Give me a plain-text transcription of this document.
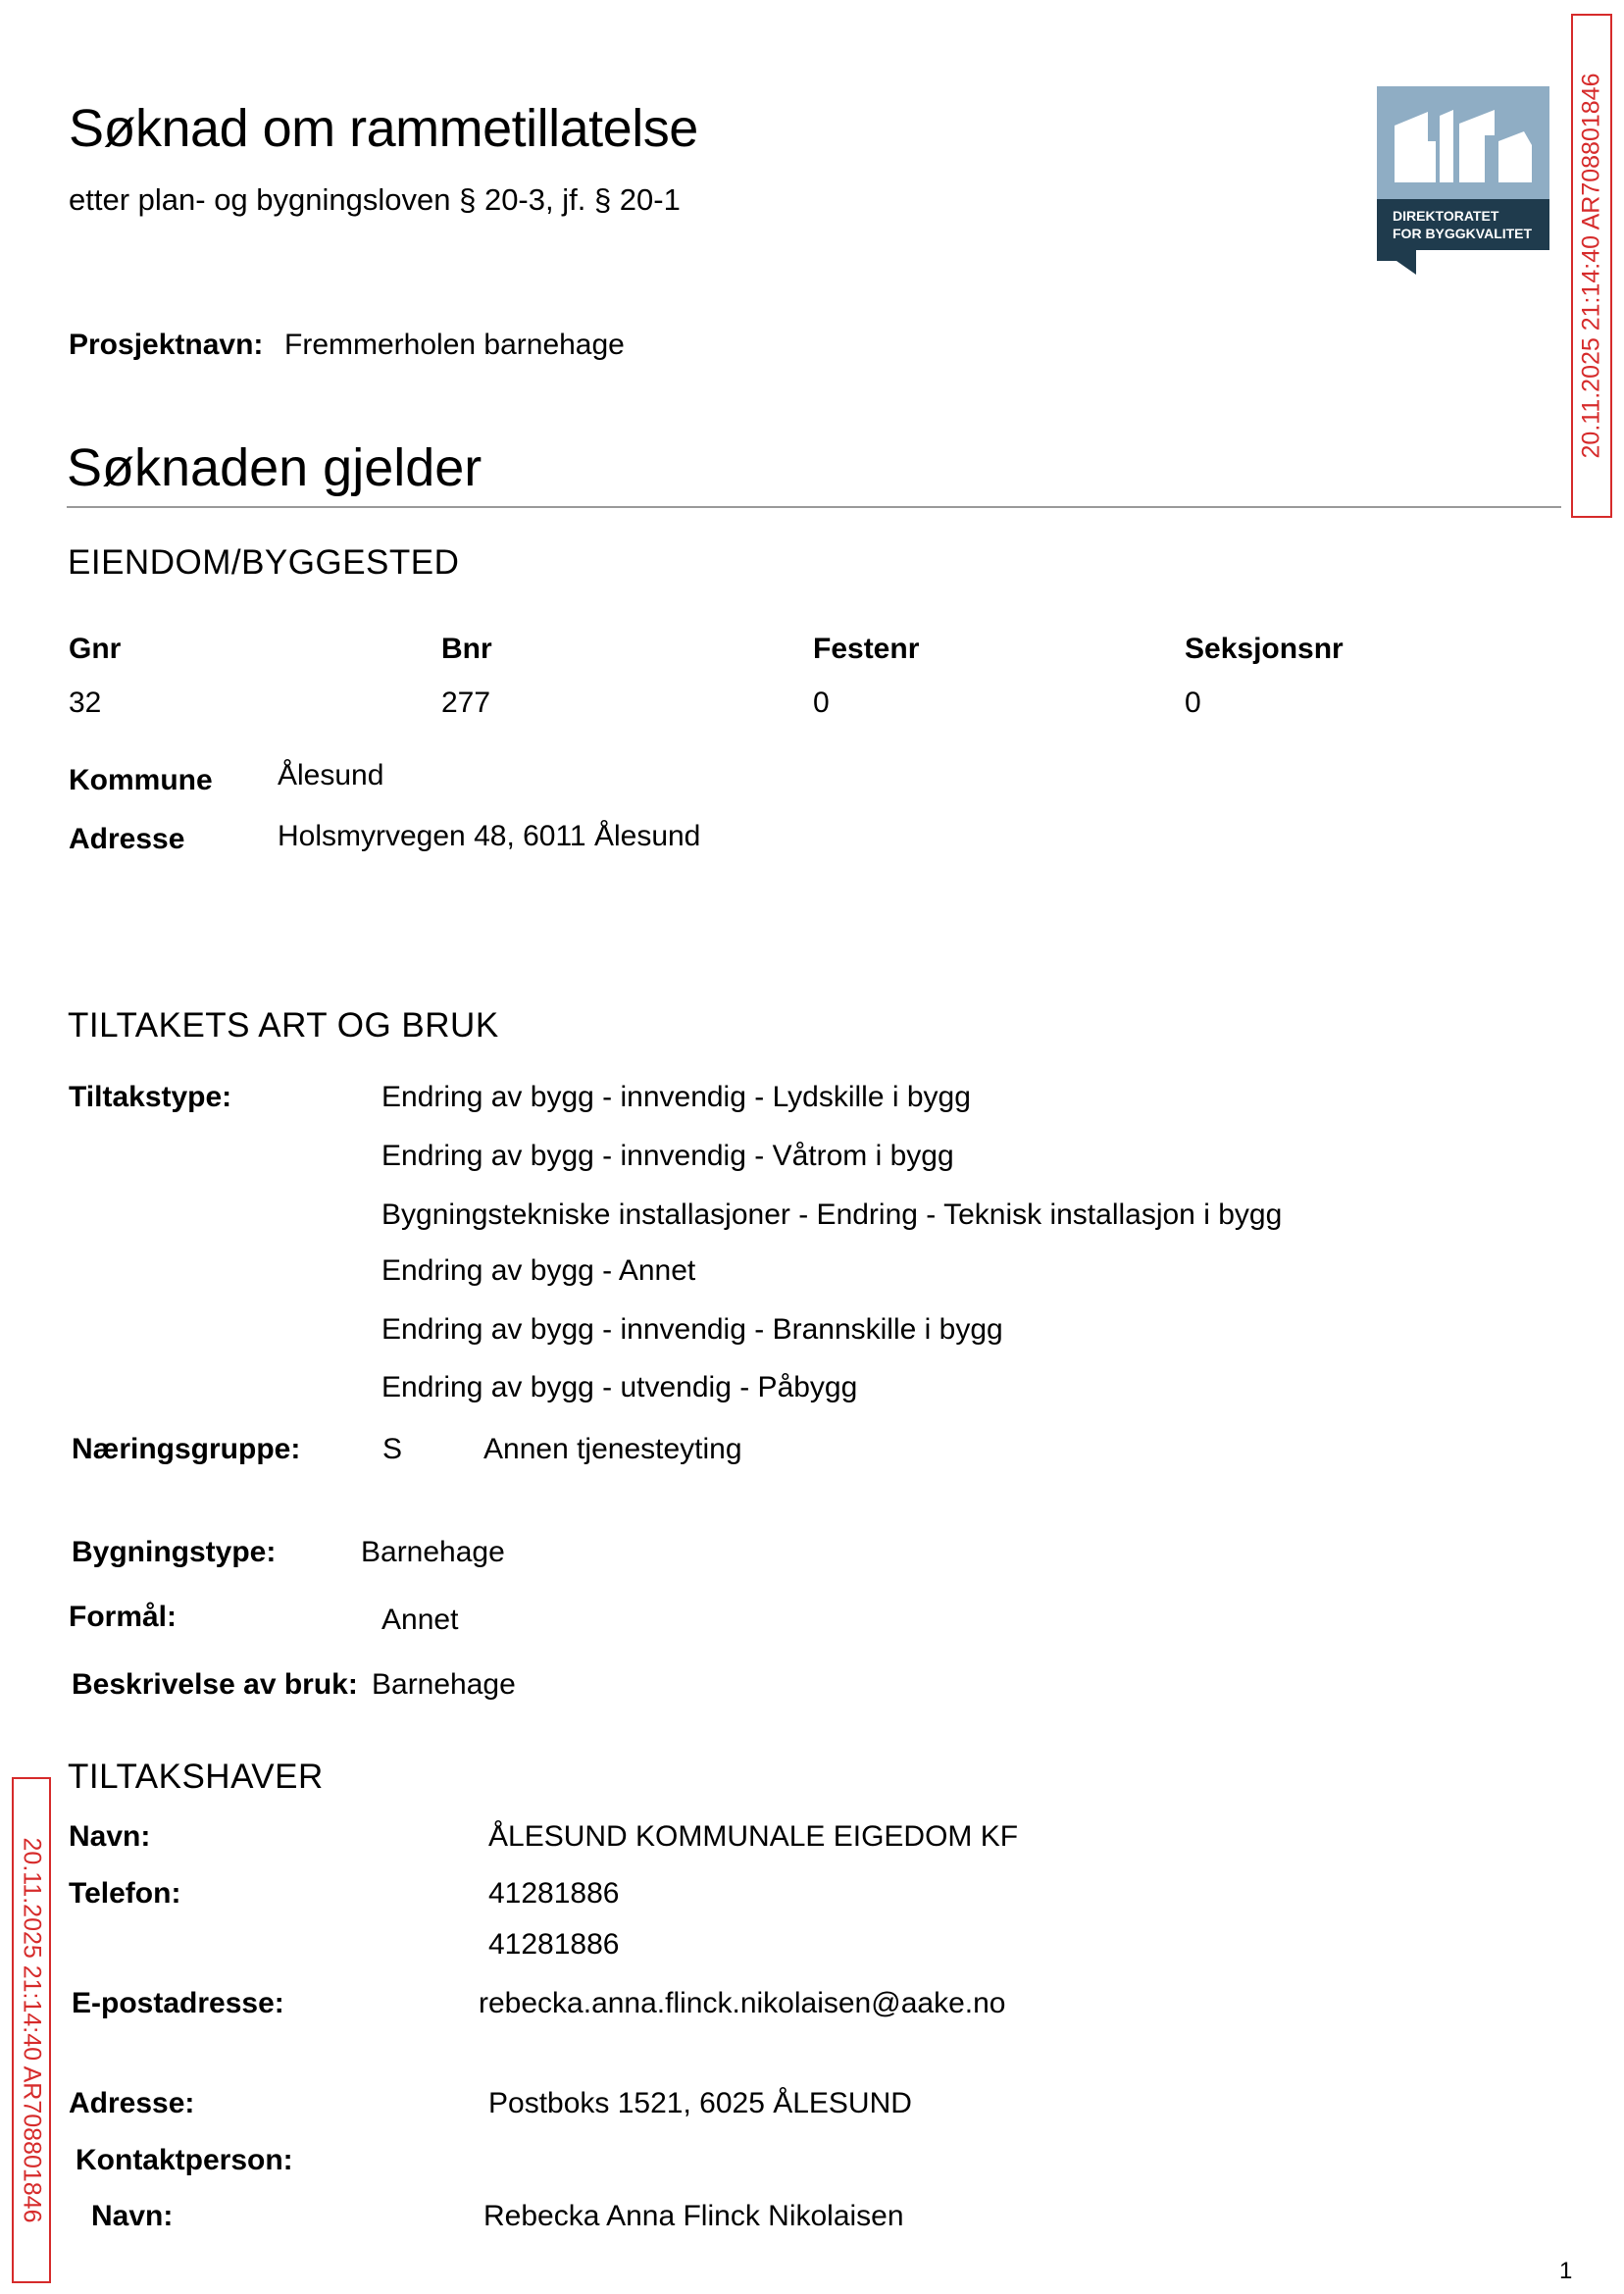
Søknad om rammetillatelse
etter plan- og bygningsloven § 20-3, jf. § 20-1	DIREKTORATET
FOR BYGGKVALITET 20.11.2025 21:14:40 AR708801846
Prosjektnavn: Fremmerholen barnehage
Søknaden gjelder
EIENDOM/BYGGESTED
Gnr	Bnr	Festenr	Seksjonsnr
32	277	0	0
Kommune Ålesund
Adresse	Holsmyrvegen 48, 6011 Ålesund
TILTAKETS ART OG BRUK
Tiltakstype:	Endring av bygg - innvendig - Lydskille i bygg
Endring av bygg - innvendig - Våtrom i bygg
Bygningstekniske installasjoner - Endring - Teknisk installasjon i bygg
Endring av bygg - Annet
Endring av bygg - innvendig - Brannskille i bygg
Endring av bygg - utvendig - Påbygg
Næringsgruppe:	S	Annen tjenesteyting
Bygningstype:	Barnehage
Formål:	Annet
Beskrivelse av bruk: Barnehage
20.11.2025 21:14:40 AR708801846
TILTAKSHAVER
Navn:	ÅLESUND KOMMUNALE EIGEDOM KF
Telefon:	41281886
41281886
E-postadresse:	rebecka.anna.flinck.nikolaisen@aake.no
Adresse:	Postboks 1521, 6025 ÅLESUND
Kontaktperson:
Navn:	Rebecka Anna Flinck Nikolaisen
1
